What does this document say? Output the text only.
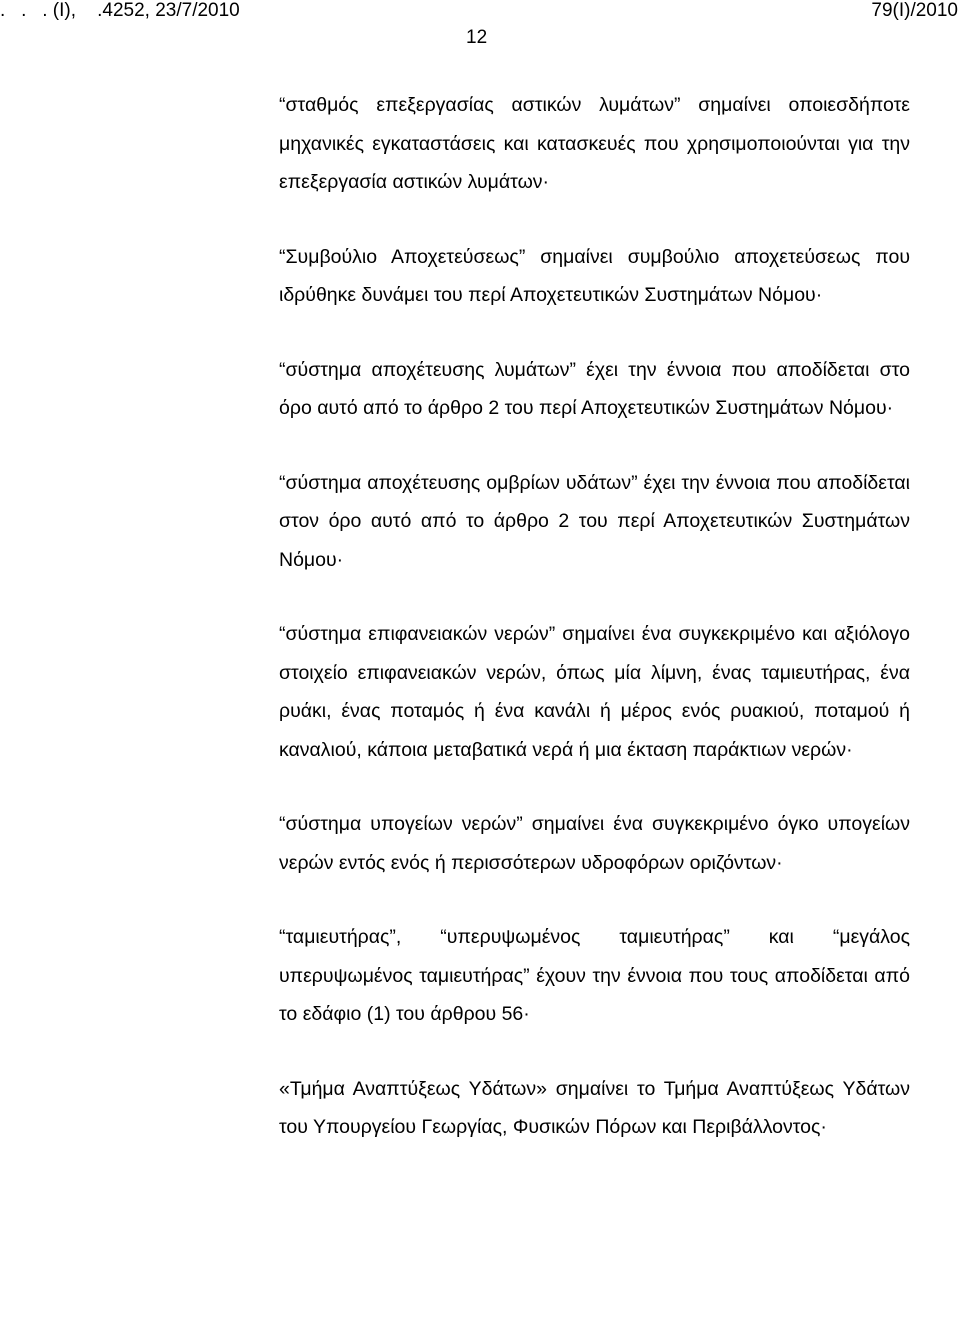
.   .   . (Ι),    .4252, 23/7/2010	79(Ι)/2010
12

“σταθμός επεξεργασίας αστικών λυμάτων” σημαίνει οποιεσδήποτε μηχανικές εγκαταστάσεις και κατασκευές που χρησιμοποιούνται για την επεξεργασία αστικών λυμάτων·

“Συμβούλιο Αποχετεύσεως” σημαίνει συμβούλιο αποχετεύσεως που ιδρύθηκε δυνάμει του περί Αποχετευτικών Συστημάτων Νόμου·

“σύστημα αποχέτευσης λυμάτων” έχει την έννοια που αποδίδεται στο όρο αυτό από το άρθρο 2 του περί Αποχετευτικών Συστημάτων Νόμου·

“σύστημα αποχέτευσης ομβρίων υδάτων” έχει την έννοια που αποδίδεται στον όρο αυτό από το άρθρο 2 του περί Αποχετευτικών Συστημάτων Νόμου·

“σύστημα επιφανειακών νερών” σημαίνει ένα συγκεκριμένο και αξιόλογο στοιχείο επιφανειακών νερών, όπως μία λίμνη, ένας ταμιευτήρας, ένα ρυάκι, ένας ποταμός ή ένα κανάλι ή μέρος ενός ρυακιού, ποταμού ή καναλιού, κάποια μεταβατικά νερά ή μια έκταση παράκτιων νερών·

“σύστημα υπογείων νερών” σημαίνει ένα συγκεκριμένο όγκο υπογείων νερών εντός ενός ή περισσότερων υδροφόρων οριζόντων·

“ταμιευτήρας”, “υπερυψωμένος ταμιευτήρας” και “μεγάλος υπερυψωμένος ταμιευτήρας” έχουν την έννοια που τους αποδίδεται από το εδάφιο (1) του άρθρου 56·

«Τμήμα Αναπτύξεως Υδάτων» σημαίνει το Τμήμα Αναπτύξεως Υδάτων του Υπουργείου Γεωργίας, Φυσικών Πόρων και Περιβάλλοντος·
